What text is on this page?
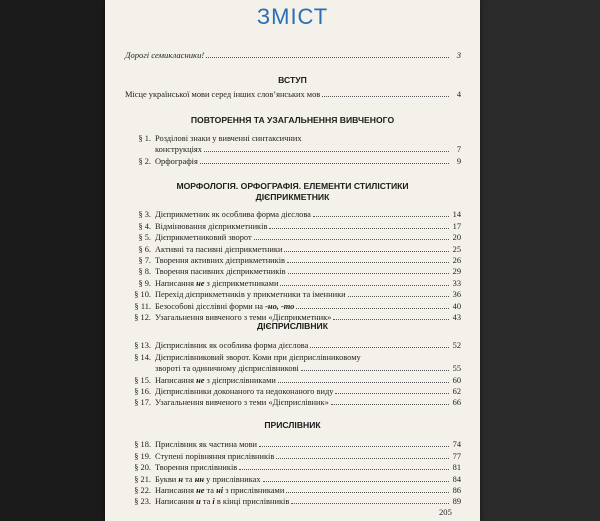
ЗМІСТ
Дорогі семикласники!	3
ВСТУП
Місце української мови серед інших слов’янських мов	4
ПОВТОРЕННЯ ТА УЗАГАЛЬНЕННЯ ВИВЧЕНОГО
§ 1. Розділові знаки у вивченні синтаксичних
конструкціях	7
§ 2. Орфографія	9
МОРФОЛОГІЯ. ОРФОГРАФІЯ. ЕЛЕМЕНТИ СТИЛІСТИКИ
ДІЄПРИКМЕТНИК
§ 3. Дієприкметник як особлива форма дієслова	14
§ 4. Відмінювання дієприкметників	17
§ 5. Дієприкметниковий зворот	20
§ 6. Активні та пасивні дієприкметники	25
§ 7. Творення активних дієприкметників	26
§ 8. Творення пасивних дієприкметників	29
§ 9. Написання не з дієприкметниками	33
§ 10. Перехід дієприкметників у прикметники та іменники	36
§ 11. Безособові дієслівні форми на -но, -то	40
§ 12. Узагальнення вивченого з теми «Дієприкметник»	43
ДІЄПРИСЛІВНИК
§ 13. Дієприслівник як особлива форма дієслова	52
§ 14. Дієприслівниковий зворот. Коми при дієприслівниковому
звороті та одиничному дієприслівникові	55
§ 15. Написання не з дієприслівниками	60
§ 16. Дієприслівники доконаного та недоконаного виду	62
§ 17. Узагальнення вивченого з теми «Дієприслівник»	66
ПРИСЛІВНИК
§ 18. Прислівник як частина мови	74
§ 19. Ступені порівняння прислівників	77
§ 20. Творення прислівників	81
§ 21. Букви н та нн у прислівниках	84
§ 22. Написання не та ні з прислівниками	86
§ 23. Написання и та і в кінці прислівників	89
205
